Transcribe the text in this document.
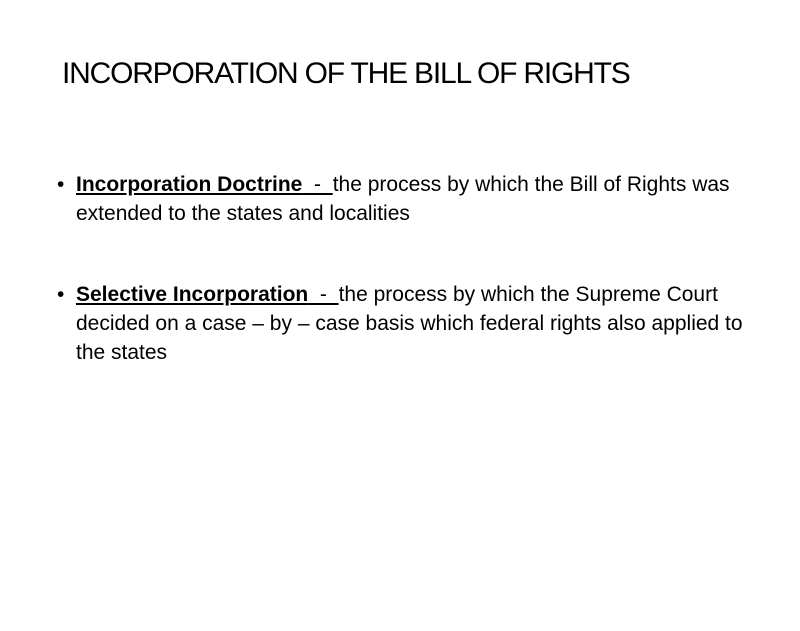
INCORPORATION OF THE BILL OF RIGHTS
• Incorporation Doctrine  -  the process by which the Bill of Rights was extended to the states and localities
• Selective Incorporation  -  the process by which the Supreme Court decided on a case – by – case basis which federal rights also applied to the states
